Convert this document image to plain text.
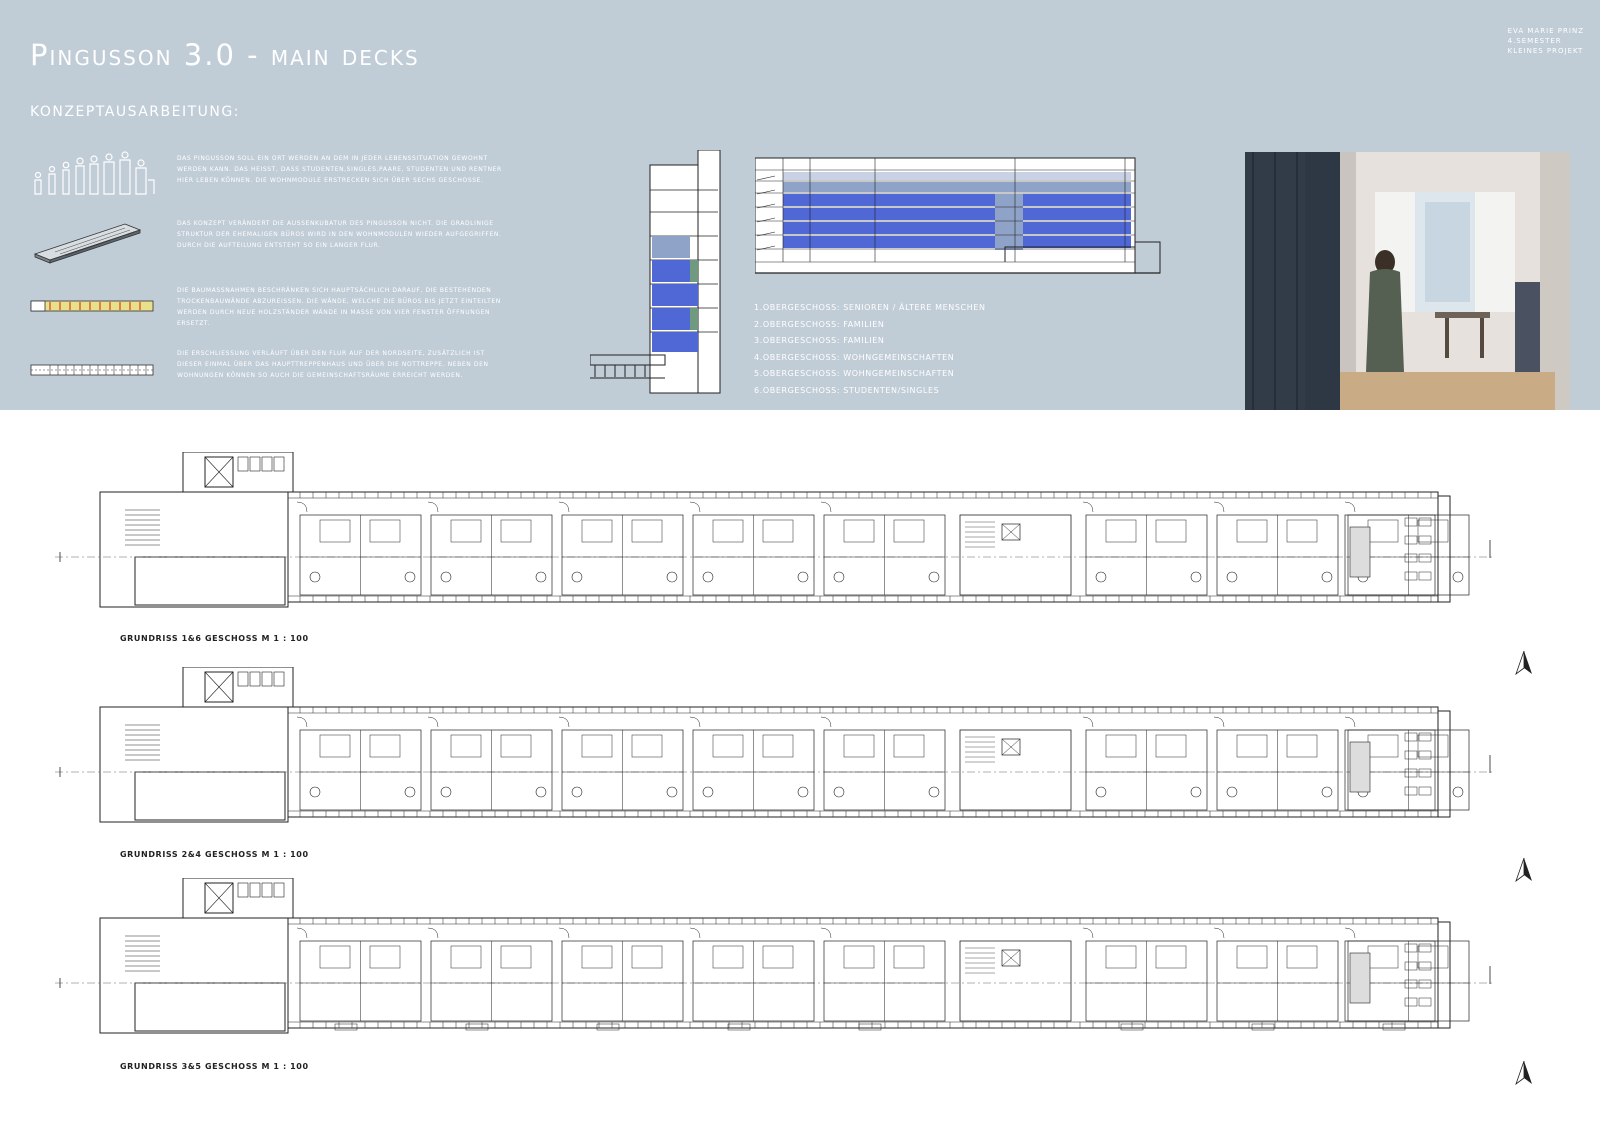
Pingusson 3.0 - main decks
EVA MARIE PRINZ
4.SEMESTER
KLEINES PROJEKT
KONZEPTAUSARBEITUNG:
DAS PINGUSSON SOLL EIN ORT WERDEN AN DEM IN JEDER LEBENSSITUATION GEWOHNT WERDEN KANN. DAS HEISST, DASS STUDENTEN,SINGLES,PAARE, STUDENTEN UND RENTNER HIER LEBEN KÖNNEN. DIE WOHNMODULE ERSTRECKEN SICH ÜBER SECHS GESCHOSSE.
DAS KONZEPT VERÄNDERT DIE AUSSENKUBATUR DES PINGUSSON NICHT. DIE GRADLINIGE STRUKTUR DER EHEMALIGEN BÜROS WIRD IN DEN WOHNMODULEN WIEDER AUFGEGRIFFEN. DURCH DIE AUFTEILUNG ENTSTEHT SO EIN LANGER FLUR.
DIE BAUMASSNAHMEN BESCHRÄNKEN SICH HAUPTSÄCHLICH DARAUF, DIE BESTEHENDEN TROCKENBAUWÄNDE ABZUREISSEN. DIE WÄNDE, WELCHE DIE BÜROS BIS JETZT EINTEILTEN WERDEN DURCH NEUE HOLZSTÄNDER WÄNDE IN MASSE VON VIER FENSTER ÖFFNUNGEN ERSETZT.
DIE ERSCHLIESSUNG VERLÄUFT ÜBER DEN FLUR AUF DER NORDSEITE, ZUSÄTZLICH IST DIESER EINMAL ÜBER DAS HAUPTTREPPENHAUS UND ÜBER DIE NOTTREPPE. NEBEN DEN WOHNUNGEN KÖNNEN SO AUCH DIE GEMEINSCHAFTSRÄUME ERREICHT WERDEN.
1.OBERGESCHOSS: SENIOREN / ÄLTERE MENSCHEN
2.OBERGESCHOSS: FAMILIEN
3.OBERGESCHOSS: FAMILIEN
4.OBERGESCHOSS: WOHNGEMEINSCHAFTEN
5.OBERGESCHOSS: WOHNGEMEINSCHAFTEN
6.OBERGESCHOSS: STUDENTEN/SINGLES
GRUNDRISS 1&6 GESCHOSS M 1 : 100
GRUNDRISS 2&4 GESCHOSS M 1 : 100
GRUNDRISS 3&5 GESCHOSS M 1 : 100
